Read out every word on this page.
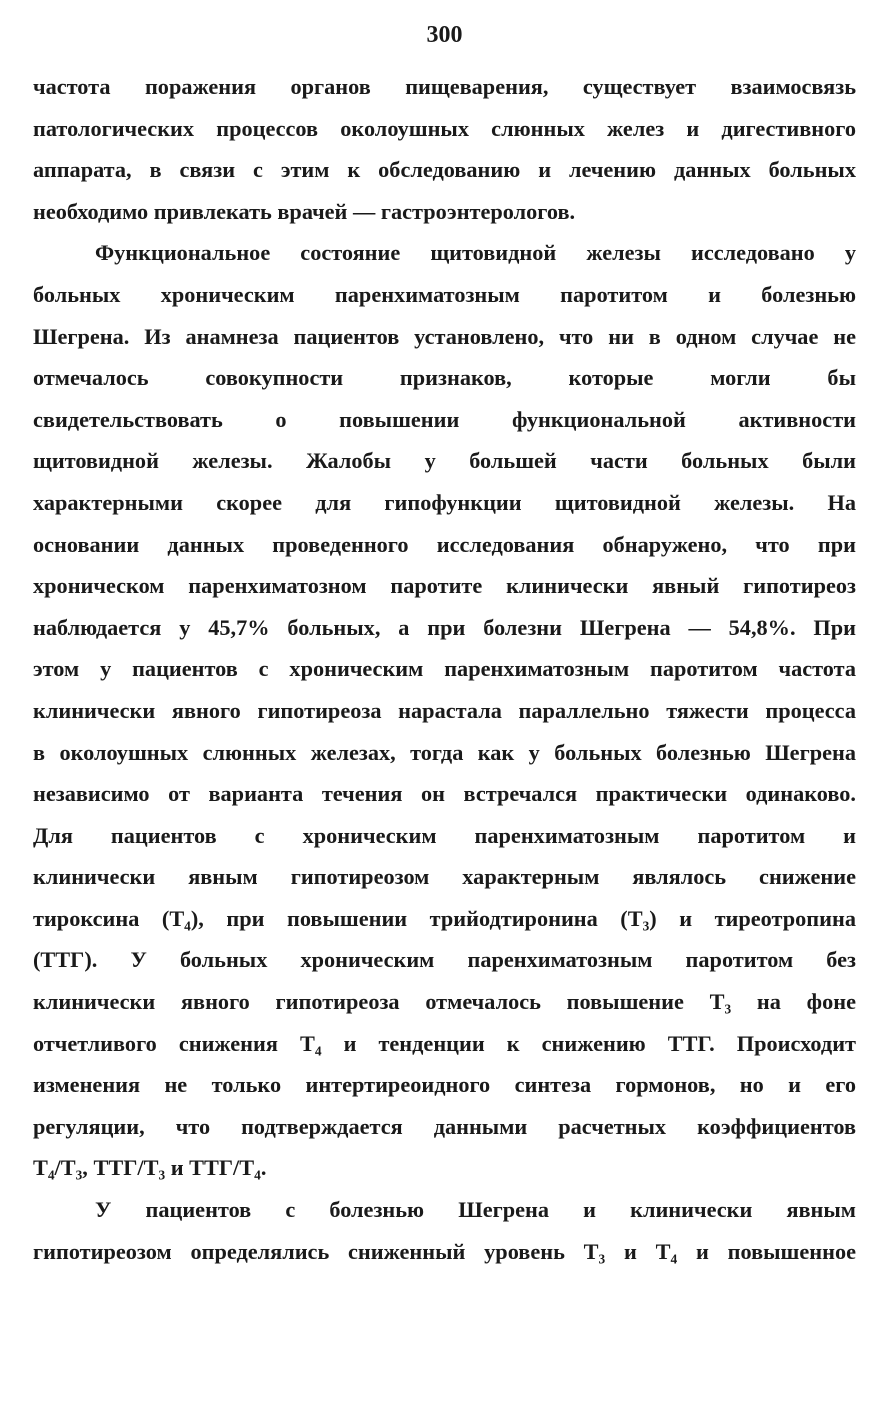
300

частота поражения органов пищеварения, существует взаимосвязь
патологических процессов околоушных слюнных желез и дигестивного
аппарата, в связи с этим к обследованию и лечению данных больных
необходимо привлекать врачей — гастроэнтерологов.

Функциональное состояние щитовидной железы исследовано у
больных хроническим паренхиматозным паротитом и болезнью
Шегрена. Из анамнеза пациентов установлено, что ни в одном случае не
отмечалось совокупности признаков, которые могли бы
свидетельствовать о повышении функциональной активности
щитовидной железы. Жалобы у большей части больных были
характерными скорее для гипофункции щитовидной железы. На
основании данных проведенного исследования обнаружено, что при
хроническом паренхиматозном паротите клинически явный гипотиреоз
наблюдается у 45,7% больных, а при болезни Шегрена — 54,8%. При
этом у пациентов с хроническим паренхиматозным паротитом частота
клинически явного гипотиреоза нарастала параллельно тяжести процесса
в околоушных слюнных железах, тогда как у больных болезнью Шегрена
независимо от варианта течения он встречался практически одинаково.
Для пациентов с хроническим паренхиматозным паротитом и
клинически явным гипотиреозом характерным являлось снижение
тироксина (T₄), при повышении трийодтиронина (T₃) и тиреотропина
(ТТГ). У больных хроническим паренхиматозным паротитом без
клинически явного гипотиреоза отмечалось повышение T₃ на фоне
отчетливого снижения T₄ и тенденции к снижению ТТГ. Происходит
изменения не только интертиреоидного синтеза гормонов, но и его
регуляции, что подтверждается данными расчетных коэффициентов
T₄/T₃, ТТГ/T₃ и ТТГ/T₄.

У пациентов с болезнью Шегрена и клинически явным
гипотиреозом определялись сниженный уровень T₃ и T₄ и повышенное
